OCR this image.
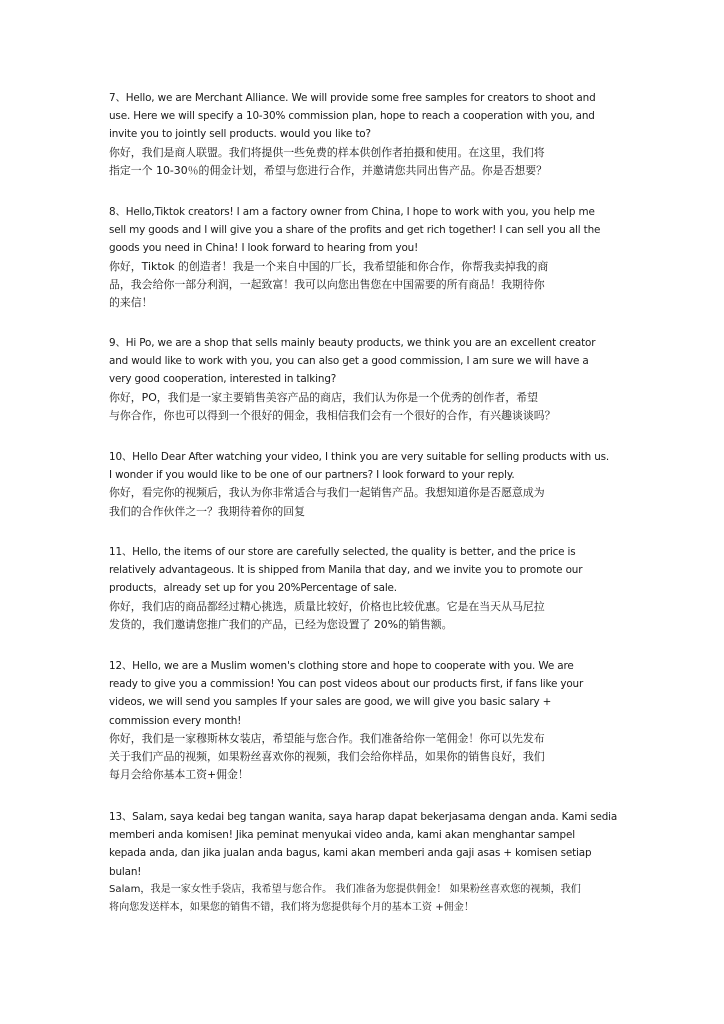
7、Hello, we are Merchant Alliance. We will provide some free samples for creators to shoot and
use. Here we will specify a 10-30% commission plan, hope to reach a cooperation with you, and
invite you to jointly sell products. would you like to?
你好，我们是商人联盟。我们将提供一些免费的样本供创作者拍摄和使用。在这里，我们将
指定一个 10-30％的佣金计划，希望与您进行合作，并邀请您共同出售产品。你是否想要？
8、Hello,Tiktok creators! I am a factory owner from China, I hope to work with you, you help me
sell my goods and I will give you a share of the profits and get rich together! I can sell you all the
goods you need in China! I look forward to hearing from you!
你好，Tiktok 的创造者！我是一个来自中国的厂长，我希望能和你合作，你帮我卖掉我的商
品，我会给你一部分利润，一起致富！我可以向您出售您在中国需要的所有商品！我期待你
的来信！
9、Hi Po, we are a shop that sells mainly beauty products, we think you are an excellent creator
and would like to work with you, you can also get a good commission, I am sure we will have a
very good cooperation, interested in talking?
你好，PO，我们是一家主要销售美容产品的商店，我们认为你是一个优秀的创作者，希望
与你合作，你也可以得到一个很好的佣金，我相信我们会有一个很好的合作，有兴趣谈谈吗？
10、Hello Dear After watching your video, I think you are very suitable for selling products with us.
I wonder if you would like to be one of our partners? I look forward to your reply.
你好，看完你的视频后，我认为你非常适合与我们一起销售产品。我想知道你是否愿意成为
我们的合作伙伴之一？我期待着你的回复
11、Hello, the items of our store are carefully selected, the quality is better, and the price is
relatively advantageous. It is shipped from Manila that day, and we invite you to promote our
products，already set up for you 20%Percentage of sale.
你好，我们店的商品都经过精心挑选，质量比较好，价格也比较优惠。它是在当天从马尼拉
发货的，我们邀请您推广我们的产品，已经为您设置了 20%的销售额。
12、Hello, we are a Muslim women's clothing store and hope to cooperate with you. We are
ready to give you a commission! You can post videos about our products first, if fans like your
videos, we will send you samples If your sales are good, we will give you basic salary +
commission every month!
你好，我们是一家穆斯林女装店，希望能与您合作。我们准备给你一笔佣金！你可以先发布
关于我们产品的视频，如果粉丝喜欢你的视频，我们会给你样品，如果你的销售良好，我们
每月会给你基本工资+佣金！
13、Salam, saya kedai beg tangan wanita, saya harap dapat bekerjasama dengan anda. Kami sedia
memberi anda komisen! Jika peminat menyukai video anda, kami akan menghantar sampel
kepada anda, dan jika jualan anda bagus, kami akan memberi anda gaji asas + komisen setiap
bulan!
Salam，我是一家女性手袋店，我希望与您合作。 我们准备为您提供佣金！ 如果粉丝喜欢您的视频，我们
将向您发送样本，如果您的销售不错，我们将为您提供每个月的基本工资 +佣金！
